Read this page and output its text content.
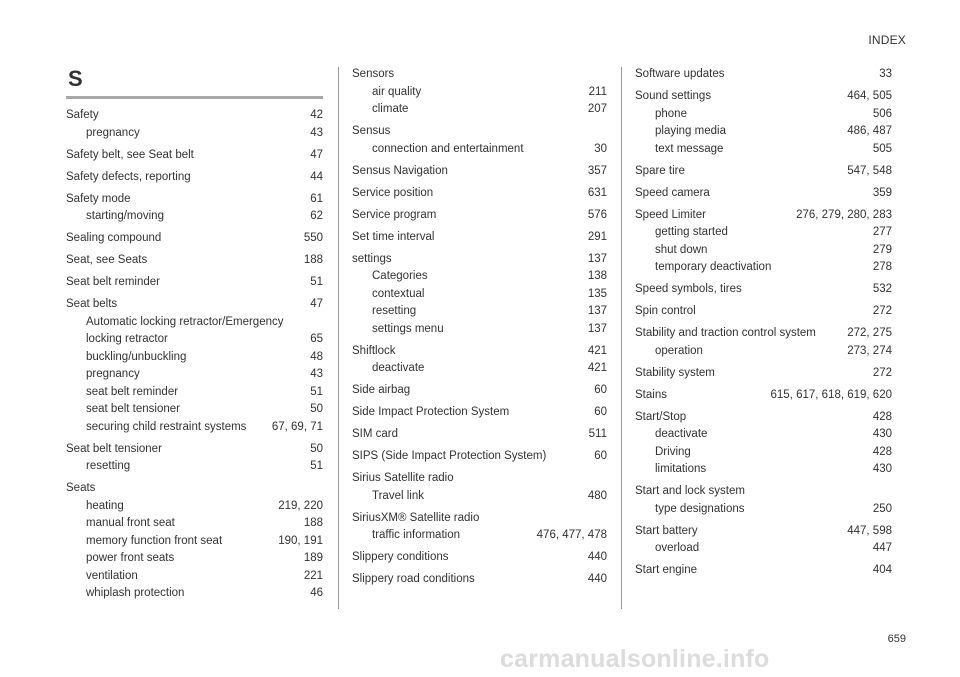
INDEX
S
Safety	42
pregnancy	43
Safety belt, see Seat belt	47
Safety defects, reporting	44
Safety mode	61
starting/moving	62
Sealing compound	550
Seat, see Seats	188
Seat belt reminder	51
Seat belts	47
Automatic locking retractor/Emergency
locking retractor	65
buckling/unbuckling	48
pregnancy	43
seat belt reminder	51
seat belt tensioner	50
securing child restraint systems	67, 69, 71
Seat belt tensioner	50
resetting	51
Seats
heating	219, 220
manual front seat	188
memory function front seat	190, 191
power front seats	189
ventilation	221
whiplash protection	46
Sensors
air quality	211
climate	207
Sensus
connection and entertainment	30
Sensus Navigation	357
Service position	631
Service program	576
Set time interval	291
settings	137
Categories	138
contextual	135
resetting	137
settings menu	137
Shiftlock	421
deactivate	421
Side airbag	60
Side Impact Protection System	60
SIM card	511
SIPS (Side Impact Protection System)	60
Sirius Satellite radio
Travel link	480
SiriusXM® Satellite radio
traffic information	476, 477, 478
Slippery conditions	440
Slippery road conditions	440
Software updates	33
Sound settings	464, 505
phone	506
playing media	486, 487
text message	505
Spare tire	547, 548
Speed camera	359
Speed Limiter	276, 279, 280, 283
getting started	277
shut down	279
temporary deactivation	278
Speed symbols, tires	532
Spin control	272
Stability and traction control system	272, 275
operation	273, 274
Stability system	272
Stains	615, 617, 618, 619, 620
Start/Stop	428
deactivate	430
Driving	428
limitations	430
Start and lock system
type designations	250
Start battery	447, 598
overload	447
Start engine	404
659
carmanualsonline.info
